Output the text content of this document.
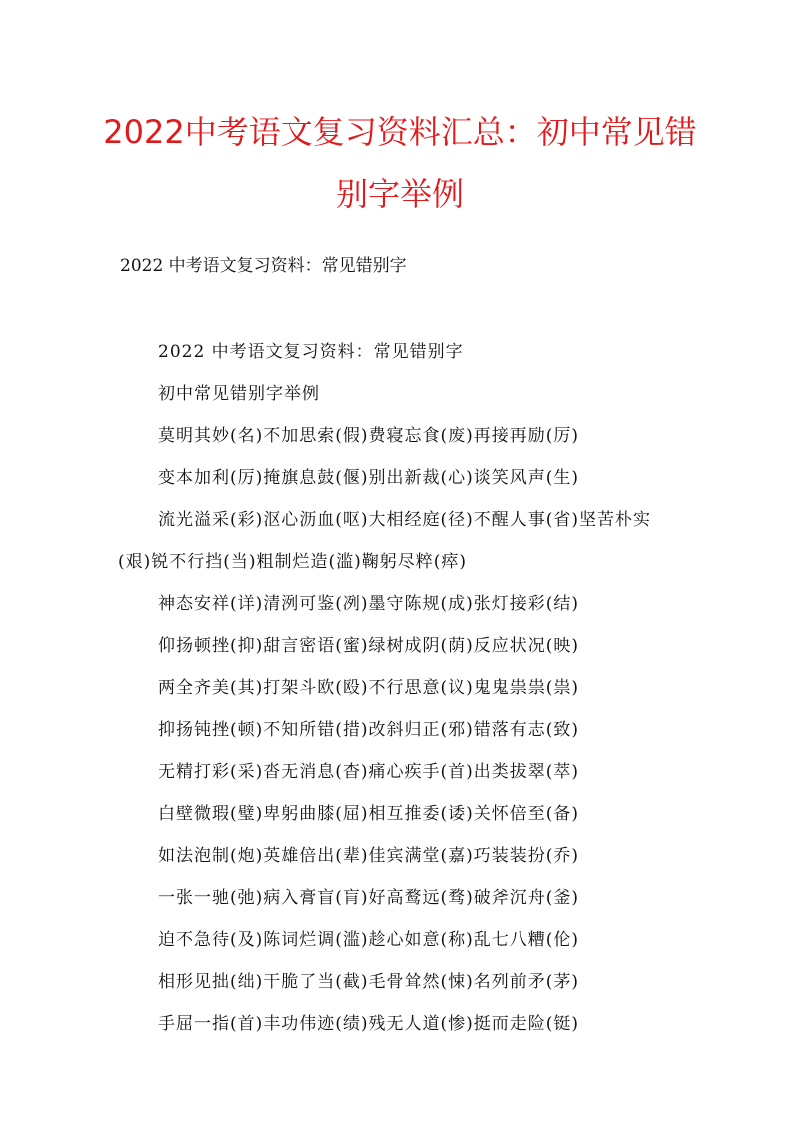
2022中考语文复习资料汇总：初中常见错
别字举例
2022 中考语文复习资料：常见错别字
2022 中考语文复习资料：常见错别字
初中常见错别字举例
莫明其妙(名)不加思索(假)费寝忘食(废)再接再励(厉)
变本加利(厉)掩旗息鼓(偃)别出新裁(心)谈笑风声(生)
流光溢采(彩)沤心沥血(呕)大相经庭(径)不醒人事(省)坚苦朴实
(艰)锐不行挡(当)粗制烂造(滥)鞠躬尽粹(瘁)
神态安祥(详)清洌可鉴(冽)墨守陈规(成)张灯接彩(结)
仰扬顿挫(抑)甜言密语(蜜)绿树成阴(荫)反应状况(映)
两全齐美(其)打架斗欧(殴)不行思意(议)鬼鬼祟祟(祟)
抑扬钝挫(顿)不知所错(措)改斜归正(邪)错落有志(致)
无精打彩(采)沓无消息(杳)痛心疾手(首)出类拔翠(萃)
白壁微瑕(璧)卑躬曲膝(屈)相互推委(诿)关怀倍至(备)
如法泡制(炮)英雄倍出(辈)佳宾满堂(嘉)巧装装扮(乔)
一张一驰(弛)病入膏盲(肓)好高鹜远(骛)破斧沉舟(釜)
迫不急待(及)陈词烂调(滥)趁心如意(称)乱七八糟(伦)
相形见拙(绌)干脆了当(截)毛骨耸然(悚)名列前矛(茅)
手屈一指(首)丰功伟迹(绩)残无人道(惨)挺而走险(铤)
